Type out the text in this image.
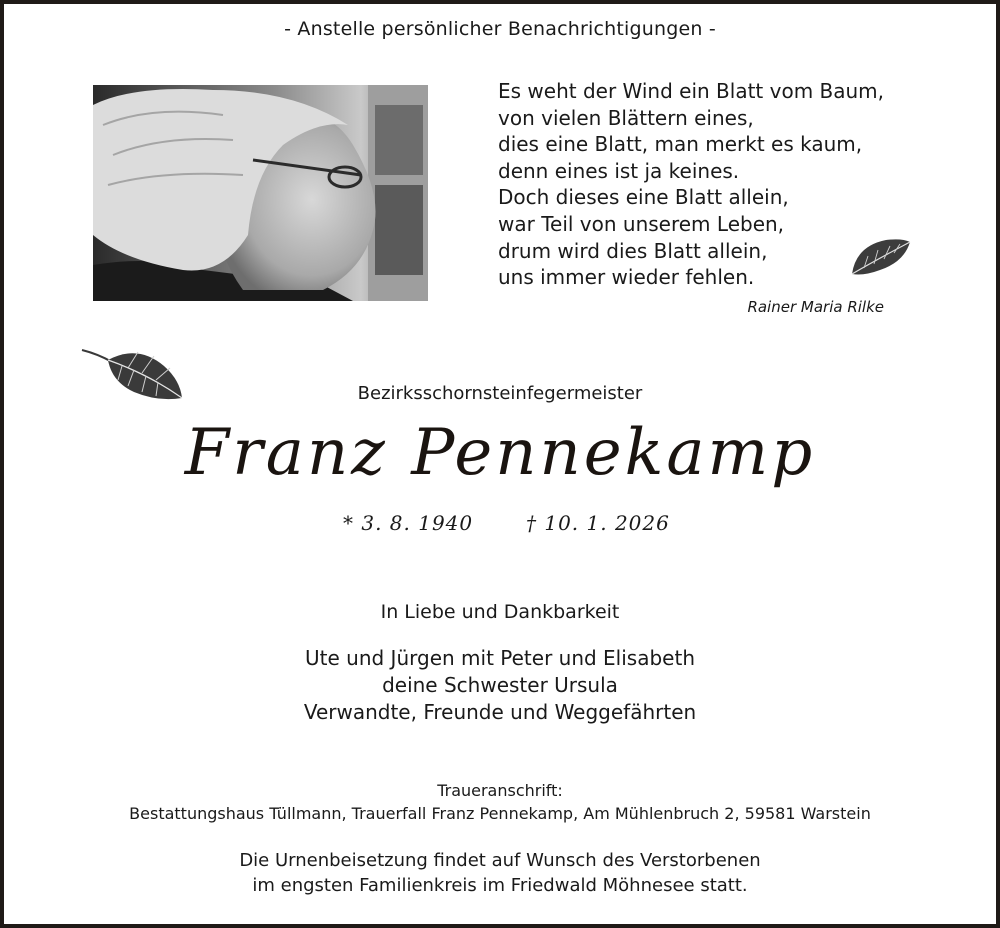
- Anstelle persönlicher Benachrichtigungen -
Es weht der Wind ein Blatt vom Baum,
von vielen Blättern eines,
dies eine Blatt, man merkt es kaum,
denn eines ist ja keines.
Doch dieses eine Blatt allein,
war Teil von unserem Leben,
drum wird dies Blatt allein,
uns immer wieder fehlen.
Rainer Maria Rilke
Bezirksschornsteinfegermeister
Franz Pennekamp
* 3. 8. 1940	† 10. 1. 2026
In Liebe und Dankbarkeit
Ute und Jürgen mit Peter und Elisabeth
deine Schwester Ursula
Verwandte, Freunde und Weggefährten
Traueranschrift:
Bestattungshaus Tüllmann, Trauerfall Franz Pennekamp, Am Mühlenbruch 2, 59581 Warstein
Die Urnenbeisetzung findet auf Wunsch des Verstorbenen
im engsten Familienkreis im Friedwald Möhnesee statt.
